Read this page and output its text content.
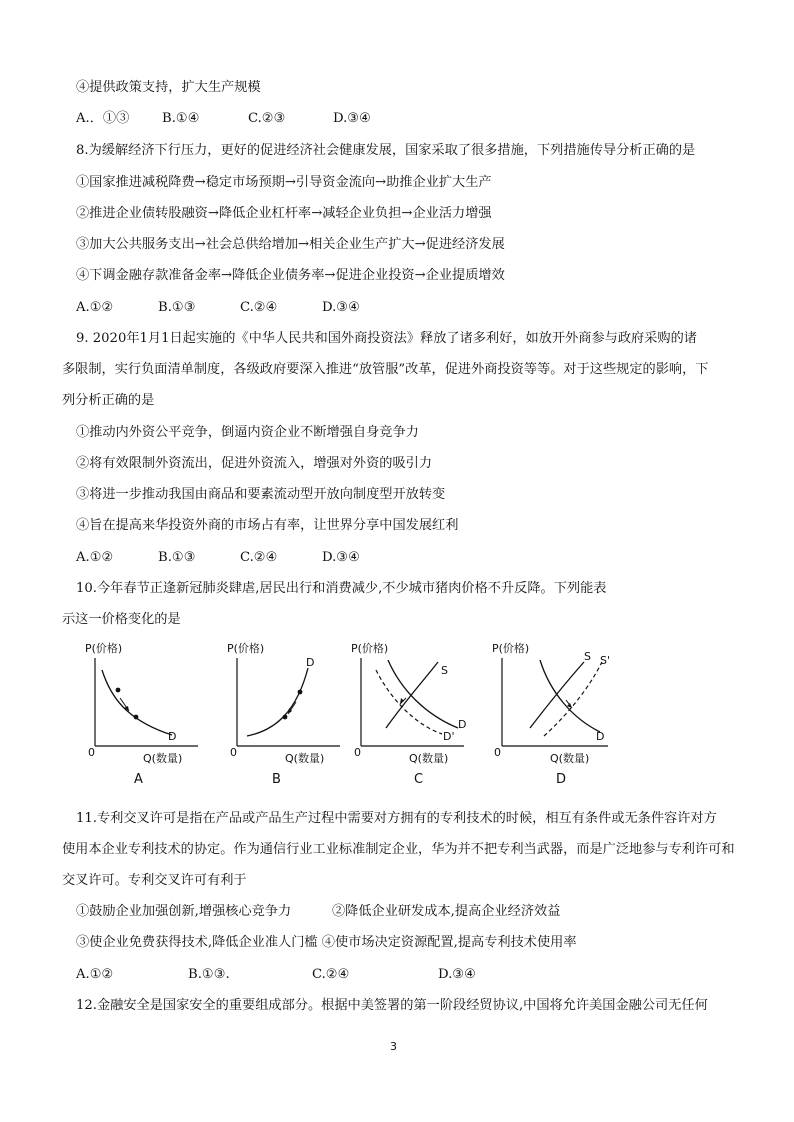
④提供政策支持，扩大生产规模
A.．①③ B.①④	C.②③	D.③④
8.为缓解经济下行压力，更好的促进经济社会健康发展，国家采取了很多措施，下列措施传导分析正确的是
①国家推进减税降费→稳定市场预期→引导资金流向→助推企业扩大生产
②推进企业债转股融资→降低企业杠杆率→减轻企业负担→企业活力增强
③加大公共服务支出→社会总供给增加→相关企业生产扩大→促进经济发展
④下调金融存款准备金率→降低企业债务率→促进企业投资→企业提质增效
A.①②	B.①③	C.②④	D.③④
9. 2020年1月1日起实施的《中华人民共和国外商投资法》释放了诸多利好，如放开外商参与政府采购的诸
多限制，实行负面清单制度，各级政府要深入推进“放管服”改革，促进外商投资等等。对于这些规定的影响，下
列分析正确的是
①推动内外资公平竞争，倒逼内资企业不断增强自身竞争力
②将有效限制外资流出，促进外资流入，增强对外资的吸引力
③将进一步推动我国由商品和要素流动型开放向制度型开放转变
④旨在提高来华投资外商的市场占有率，让世界分享中国发展红利
A.①②	B.①③	C.②④	D.③④
10.今年春节正逢新冠肺炎肆虐,居民出行和消费减少,不少城市猪肉价格不升反降。下列能表
示这一价格变化的是
P(价格)
0	Q(数量)
D
A
P(价格)
0	Q(数量)
D
B
P(价格)
0	Q(数量)
S
D
D'
C
P(价格)
0	Q(数量)
S S'
D
D
11.专利交叉许可是指在产品或产品生产过程中需要对方拥有的专利技术的时候，相互有条件或无条件容许对方
使用本企业专利技术的协定。作为通信行业工业标准制定企业，华为并不把专利当武器，而是广泛地参与专利许可和
交叉许可。专利交叉许可有利于
①鼓励企业加强创新,增强核心竞争力	②降低企业研发成本,提高企业经济效益
③使企业免费获得技术,降低企业准人门槛 ④使市场决定资源配置,提高专利技术使用率
A.①②	B.①③.	C.②④	D.③④
12.金融安全是国家安全的重要组成部分。根据中美签署的第一阶段经贸协议,中国将允许美国金融公司无任何
3
